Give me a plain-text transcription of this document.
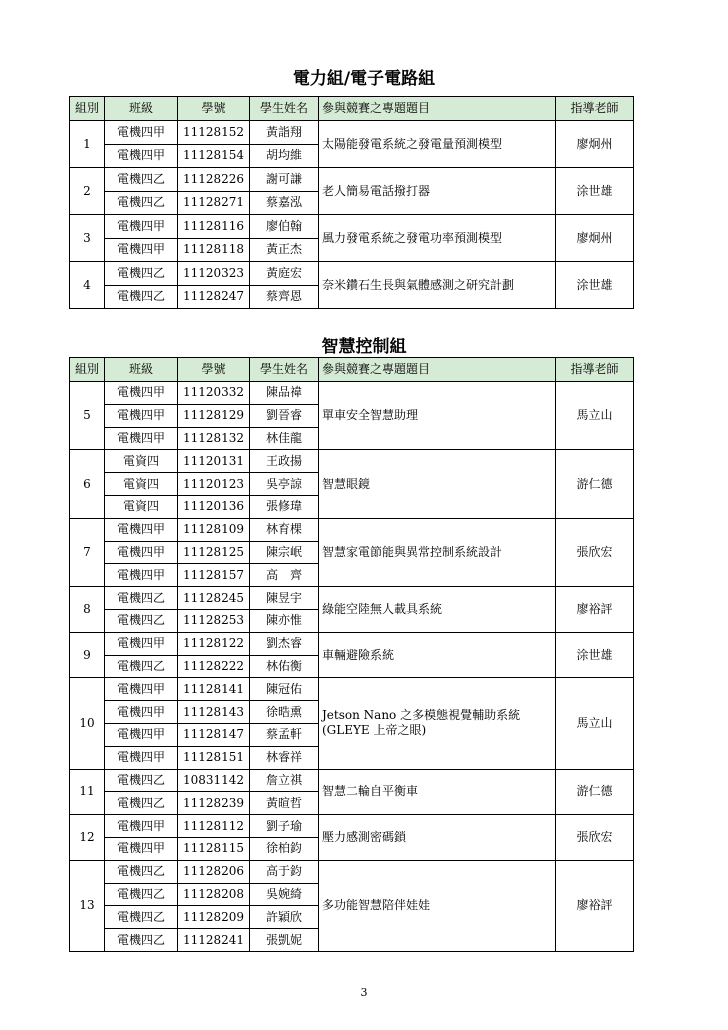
電力組/電子電路組
組別	班級	學號	學生姓名	參與競賽之專題題目	指導老師
1	電機四甲	11128152	黃詣翔	太陽能發電系統之發電量預測模型	廖炯州
	電機四甲	11128154	胡均維		
2	電機四乙	11128226	謝可謙	老人簡易電話撥打器	涂世雄
	電機四乙	11128271	蔡嘉泓		
3	電機四甲	11128116	廖伯翰	風力發電系統之發電功率預測模型	廖炯州
	電機四甲	11128118	黃正杰		
4	電機四乙	11120323	黃庭宏	奈米鑽石生長與氣體感測之研究計劃	涂世雄
	電機四乙	11128247	蔡齊恩		
智慧控制組
組別	班級	學號	學生姓名	參與競賽之專題題目	指導老師
5	電機四甲	11120332	陳品禕	單車安全智慧助理	馬立山
	電機四甲	11128129	劉晉睿		
	電機四甲	11128132	林佳龍		
6	電資四	11120131	王政揚	智慧眼鏡	游仁德
	電資四	11120123	吳亭諒		
	電資四	11120136	張修瑋		
7	電機四甲	11128109	林育棵	智慧家電節能與異常控制系統設計	張欣宏
	電機四甲	11128125	陳宗岷		
	電機四甲	11128157	高　齊		
8	電機四乙	11128245	陳昱宇	綠能空陸無人載具系統	廖裕評
	電機四乙	11128253	陳亦惟		
9	電機四甲	11128122	劉杰睿	車輛避險系統	涂世雄
	電機四乙	11128222	林佑衡		
10	電機四甲	11128141	陳冠佑	Jetson Nano 之多模態視覺輔助系統(GLEYE 上帝之眼)	馬立山
	電機四甲	11128143	徐晧熏		
	電機四甲	11128147	蔡孟軒		
	電機四甲	11128151	林睿祥		
11	電機四乙	10831142	詹立祺	智慧二輪自平衡車	游仁德
	電機四乙	11128239	黃暄哲		
12	電機四甲	11128112	劉子瑜	壓力感測密碼鎖	張欣宏
	電機四甲	11128115	徐柏鈞		
13	電機四乙	11128206	高于鈞	多功能智慧陪伴娃娃	廖裕評
	電機四乙	11128208	吳婉綺		
	電機四乙	11128209	許穎欣		
	電機四乙	11128241	張凱妮		
3
